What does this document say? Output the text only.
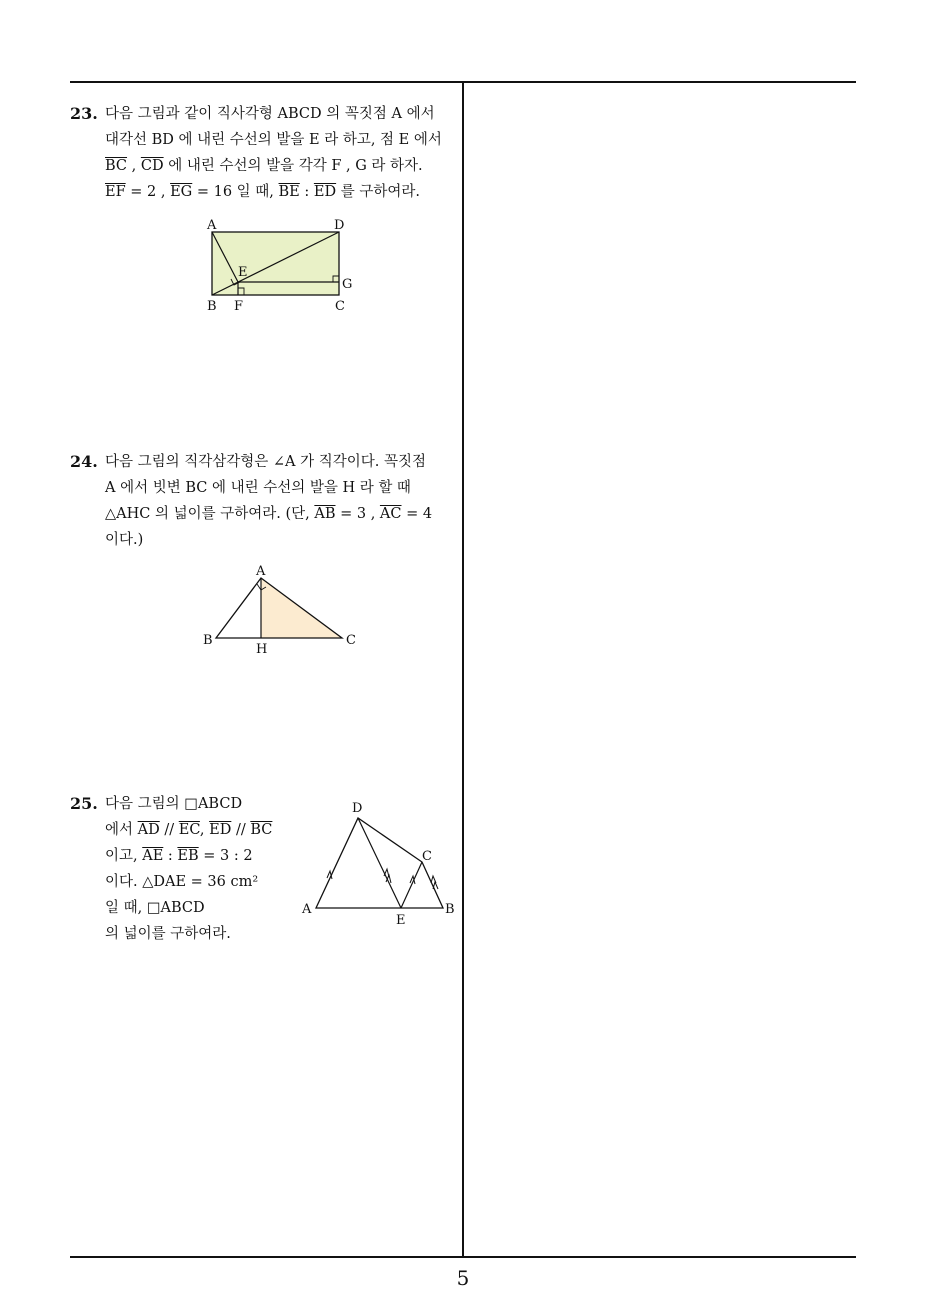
23. 다음 그림과 같이 직사각형 ABCD 의 꼭짓점 A 에서
대각선 BD 에 내린 수선의 발을 E 라 하고, 점 E 에서
$\overline{BC}$ , $\overline{CD}$ 에 내린 수선의 발을 각각 F , G 라 하자.
$\overline{EF} = 2$ , $\overline{EG} = 16$ 일 때, $\overline{BE}$ : $\overline{ED}$ 를 구하여라.
A	D
B F	C
E
G
24. 다음 그림의 직각삼각형은 ∠A 가 직각이다. 꼭짓점
A 에서 빗변 BC 에 내린 수선의 발을 H 라 할 때
△AHC 의 넓이를 구하여라. (단, $\overline{AB} = 3$ , $\overline{AC} = 4$
이다.)
A
B	C
H
25. 다음 그림의 □ABCD
에서 $\overline{AD} // \overline{EC}$, $\overline{ED} // \overline{BC}$
이고, $\overline{AE}$ : $\overline{EB} = 3$ : 2
이다. △DAE = 36 cm²
일 때, □ABCD
의 넓이를 구하여라.
D
C
A	B
E
5
